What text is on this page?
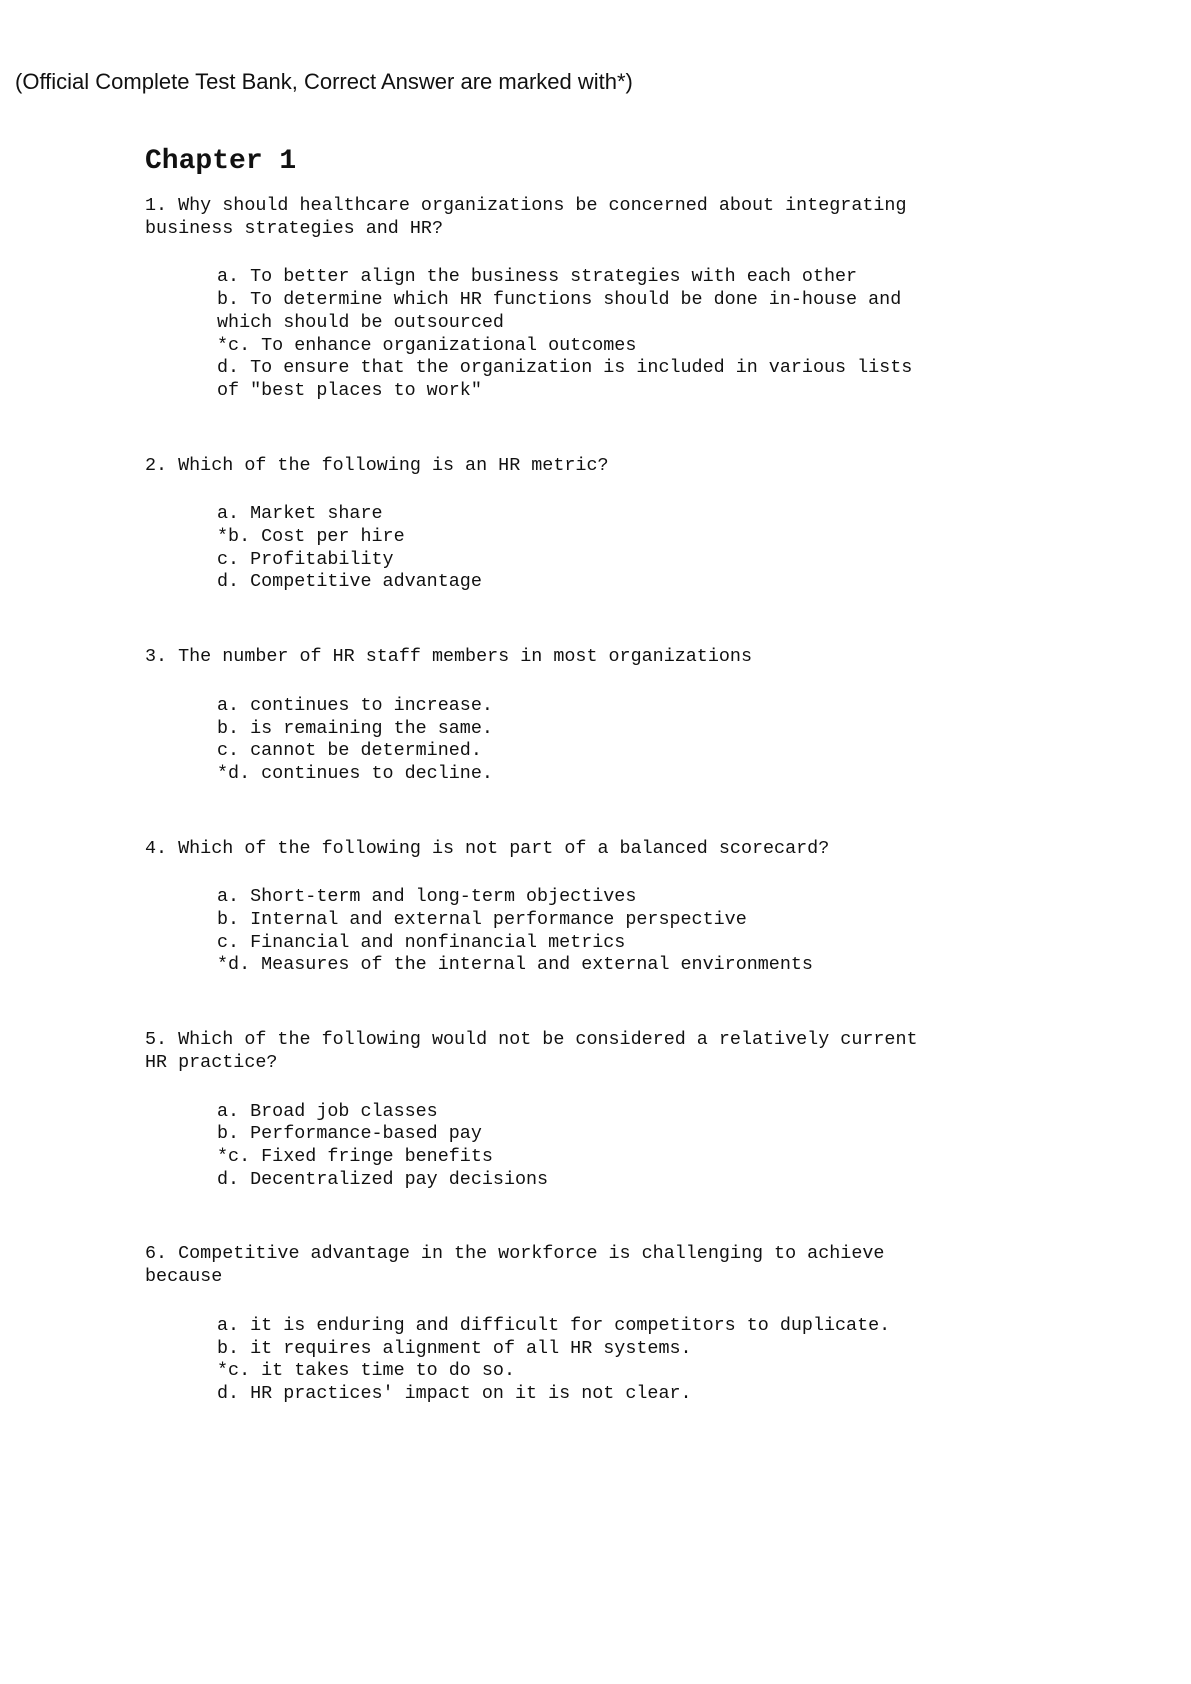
(Official Complete Test Bank, Correct Answer are marked with*)
Chapter 1

1. Why should healthcare organizations be concerned about integrating
business strategies and HR?

a. To better align the business strategies with each other
b. To determine which HR functions should be done in-house and
which should be outsourced
*c. To enhance organizational outcomes
d. To ensure that the organization is included in various lists
of "best places to work"

2. Which of the following is an HR metric?

a. Market share
*b. Cost per hire
c. Profitability
d. Competitive advantage

3. The number of HR staff members in most organizations

a. continues to increase.
b. is remaining the same.
c. cannot be determined.
*d. continues to decline.

4. Which of the following is not part of a balanced scorecard?

a. Short-term and long-term objectives
b. Internal and external performance perspective
c. Financial and nonfinancial metrics
*d. Measures of the internal and external environments

5. Which of the following would not be considered a relatively current
HR practice?

a. Broad job classes
b. Performance-based pay
*c. Fixed fringe benefits
d. Decentralized pay decisions

6. Competitive advantage in the workforce is challenging to achieve
because

a. it is enduring and difficult for competitors to duplicate.
b. it requires alignment of all HR systems.
*c. it takes time to do so.
d. HR practices' impact on it is not clear.
